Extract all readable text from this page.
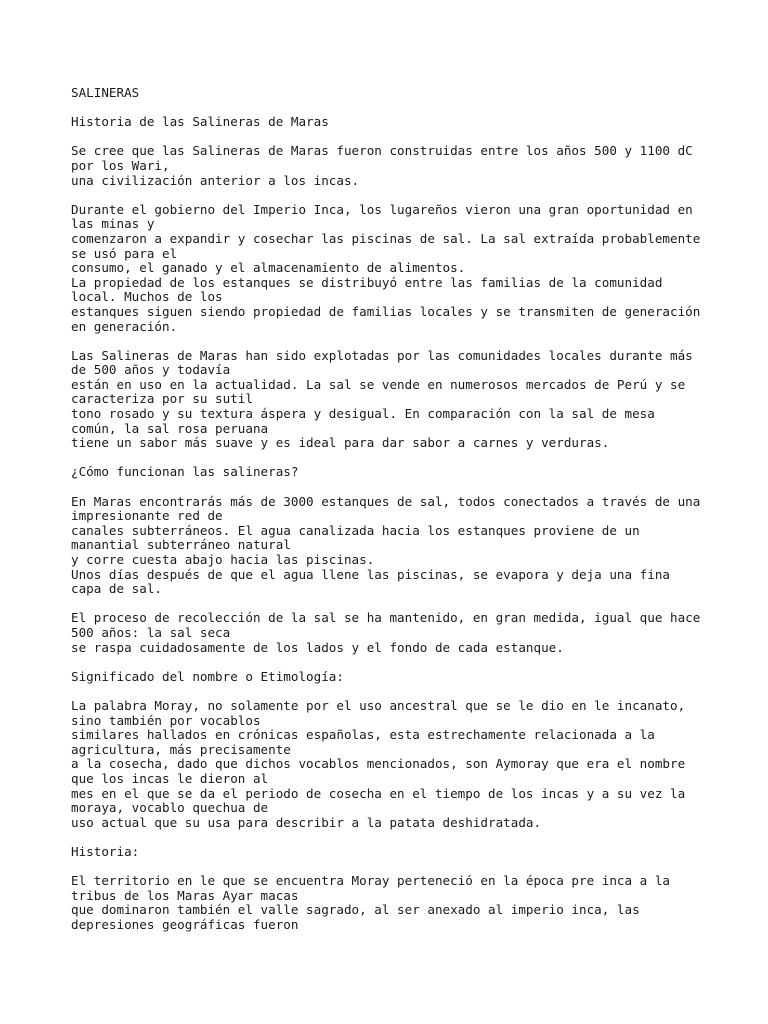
SALINERAS
Historia de las Salineras de Maras
Se cree que las Salineras de Maras fueron construidas entre los años 500 y 1100 dC
por los Wari,
una civilización anterior a los incas.
Durante el gobierno del Imperio Inca, los lugareños vieron una gran oportunidad en
las minas y
comenzaron a expandir y cosechar las piscinas de sal. La sal extraída probablemente
se usó para el
consumo, el ganado y el almacenamiento de alimentos.
La propiedad de los estanques se distribuyó entre las familias de la comunidad
local. Muchos de los
estanques siguen siendo propiedad de familias locales y se transmiten de generación
en generación.
Las Salineras de Maras han sido explotadas por las comunidades locales durante más
de 500 años y todavía
están en uso en la actualidad. La sal se vende en numerosos mercados de Perú y se
caracteriza por su sutil
tono rosado y su textura áspera y desigual. En comparación con la sal de mesa
común, la sal rosa peruana
tiene un sabor más suave y es ideal para dar sabor a carnes y verduras.
¿Cómo funcionan las salineras?
En Maras encontrarás más de 3000 estanques de sal, todos conectados a través de una
impresionante red de
canales subterráneos. El agua canalizada hacia los estanques proviene de un
manantial subterráneo natural
y corre cuesta abajo hacia las piscinas.
Unos días después de que el agua llene las piscinas, se evapora y deja una fina
capa de sal.
El proceso de recolección de la sal se ha mantenido, en gran medida, igual que hace
500 años: la sal seca
se raspa cuidadosamente de los lados y el fondo de cada estanque.
Significado del nombre o Etimología:
La palabra Moray, no solamente por el uso ancestral que se le dio en le incanato,
sino también por vocablos
similares hallados en crónicas españolas, esta estrechamente relacionada a la
agricultura, más precisamente
a la cosecha, dado que dichos vocablos mencionados, son Aymoray que era el nombre
que los incas le dieron al
mes en el que se da el periodo de cosecha en el tiempo de los incas y a su vez la
moraya, vocablo quechua de
uso actual que su usa para describir a la patata deshidratada.
Historia:
El territorio en le que se encuentra Moray perteneció en la época pre inca a la
tribus de los Maras Ayar macas
que dominaron también el valle sagrado, al ser anexado al imperio inca, las
depresiones geográficas fueron
